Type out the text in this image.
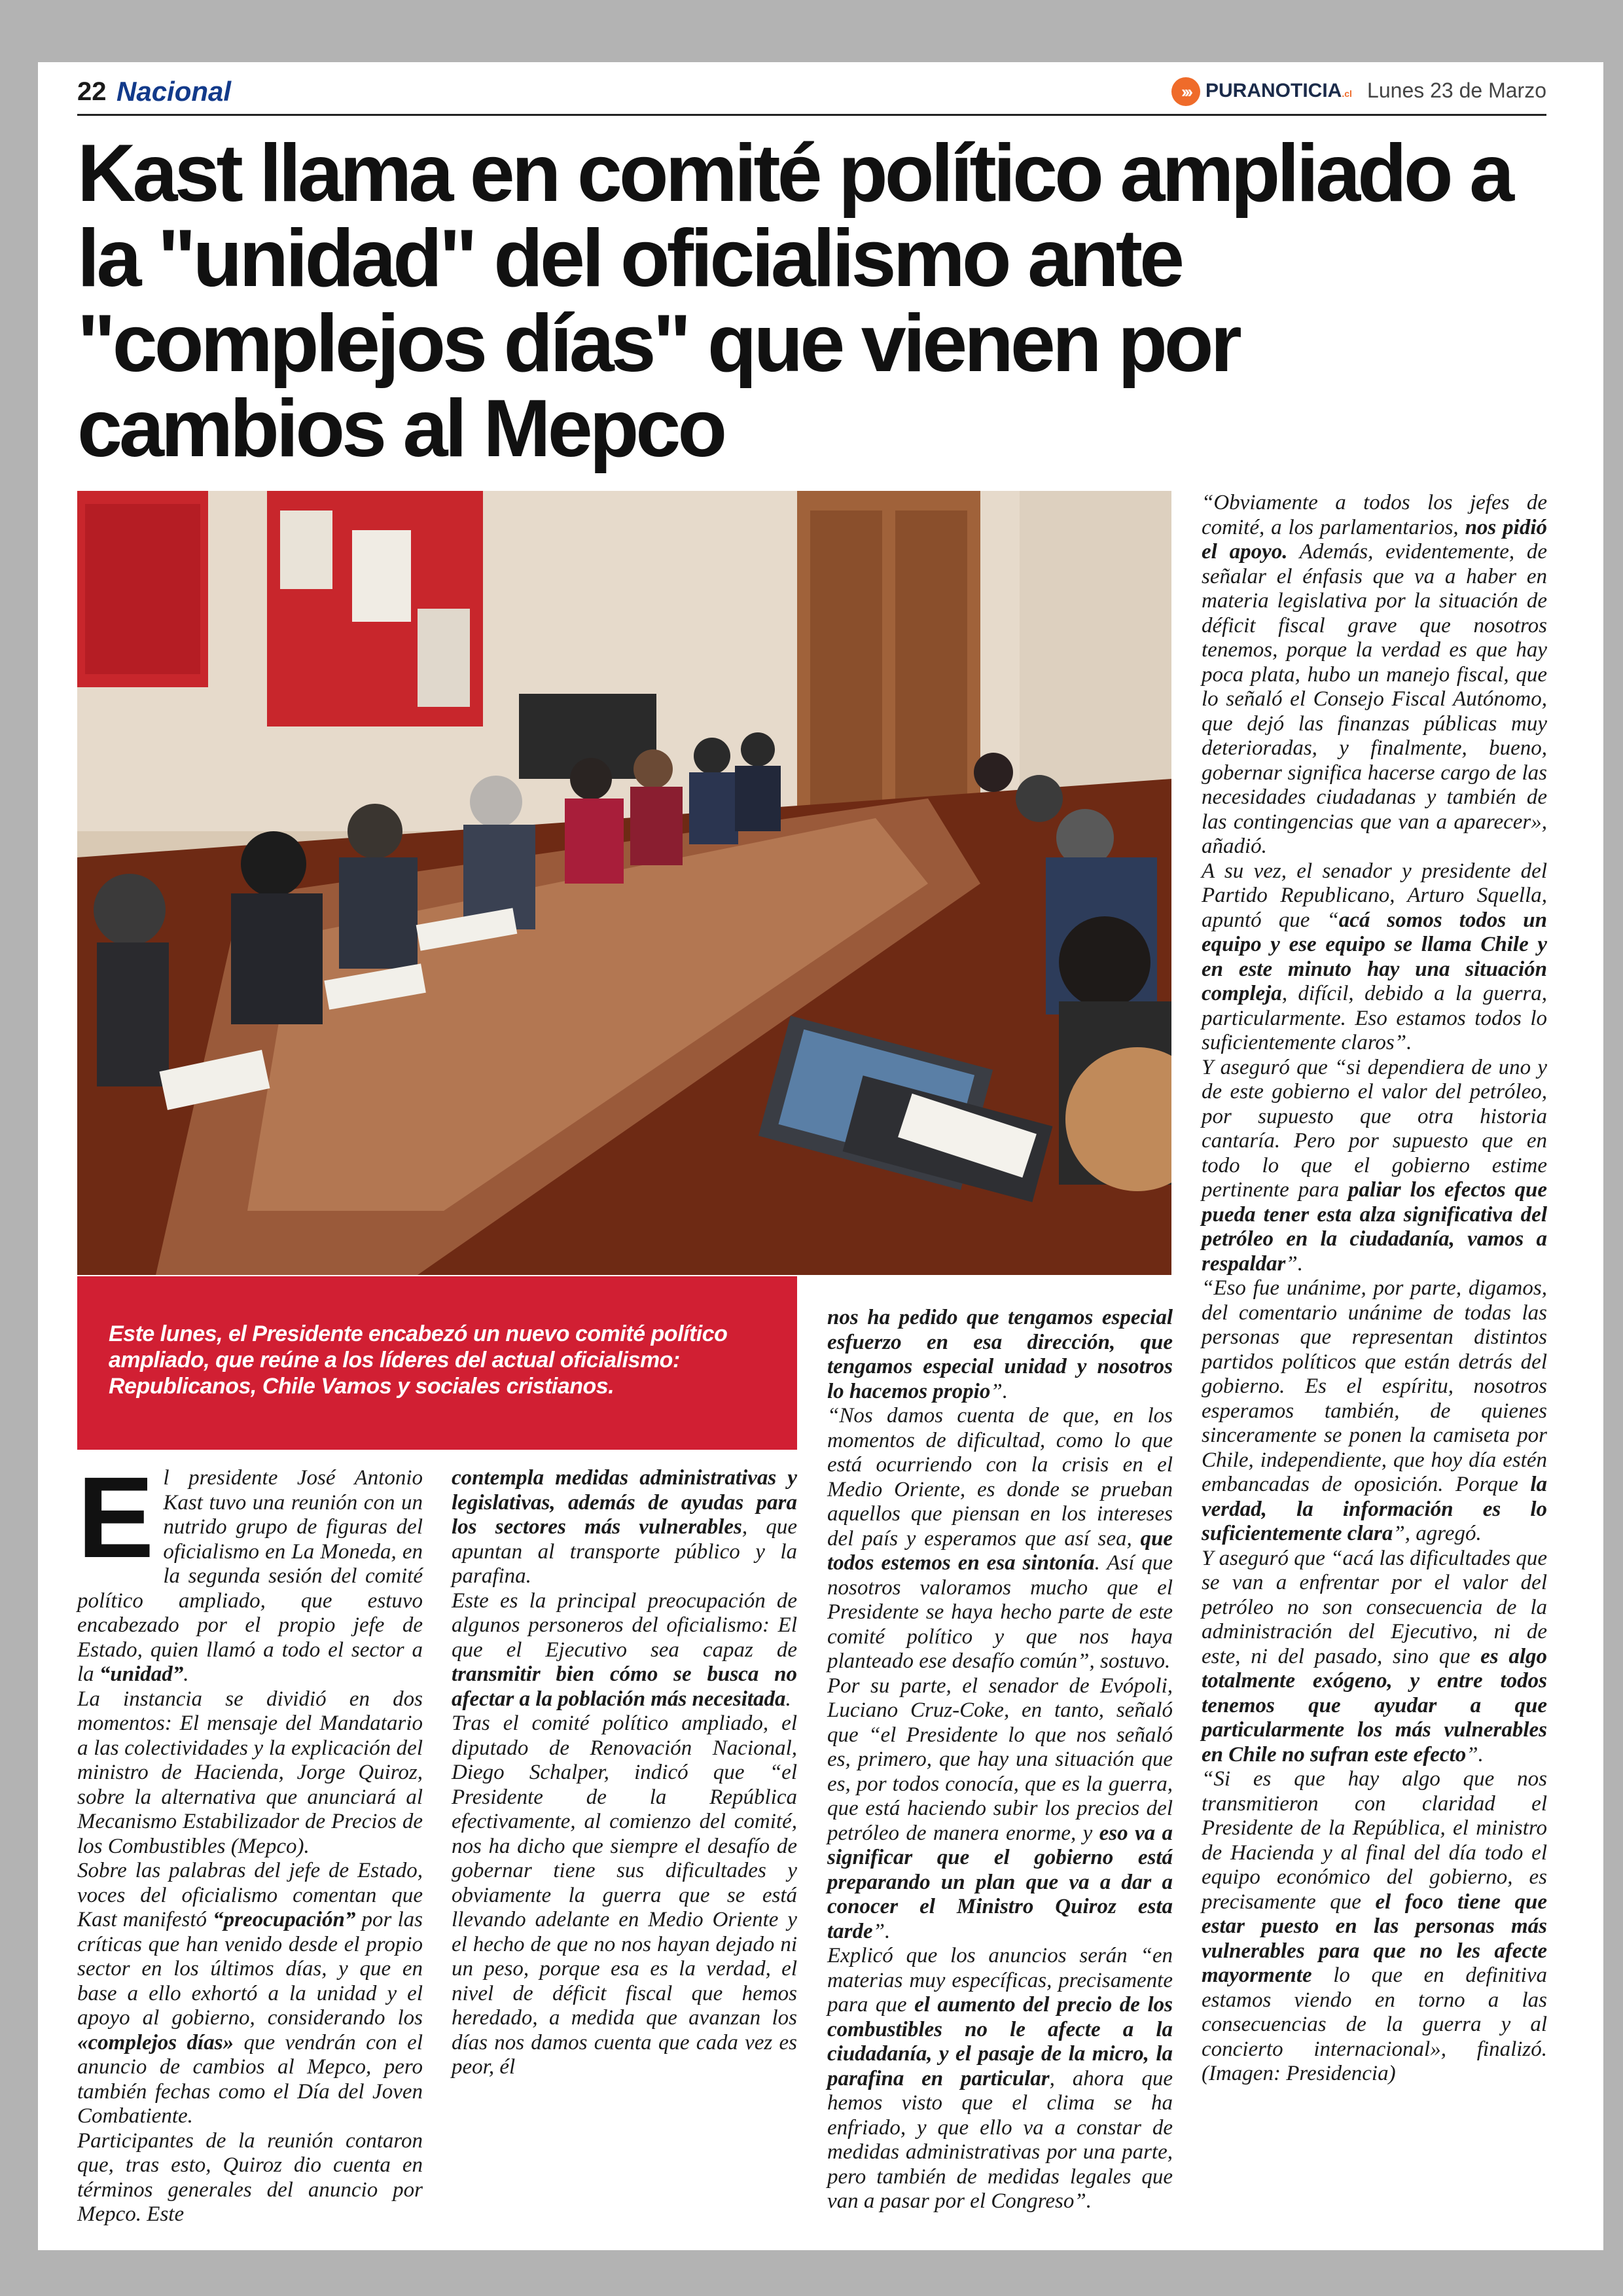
22 Nacional	››› PURANOTICIA.cl Lunes 23 de Marzo
Kast llama en comité político ampliado a la "unidad" del oficialismo ante "complejos días" que vienen por cambios al Mepco
Este lunes, el Presidente encabezó un nuevo comité político ampliado, que reúne a los líderes del actual oficialismo: Republicanos, Chile Vamos y sociales cristianos.

El presidente José Antonio Kast tuvo una reunión con un nutrido grupo de figuras del oficialismo en La Moneda, en la segunda sesión del comité político ampliado, que estuvo encabezado por el propio jefe de Estado, quien llamó a todo el sector a la “unidad”.

La instancia se dividió en dos momentos: El mensaje del Mandatario a las colectividades y la explicación del ministro de Hacienda, Jorge Quiroz, sobre la alternativa que anunciará al Mecanismo Estabilizador de Precios de los Combustibles (Mepco).

Sobre las palabras del jefe de Estado, voces del oficialismo comentan que Kast manifestó “preocupación” por las críticas que han venido desde el propio sector en los últimos días, y que en base a ello exhortó a la unidad y el apoyo al gobierno, considerando los «complejos días» que vendrán con el anuncio de cambios al Mepco, pero también fechas como el Día del Joven Combatiente.

Participantes de la reunión contaron que, tras esto, Quiroz dio cuenta en términos generales del anuncio por Mepco. Este

contempla medidas administrativas y legislativas, además de ayudas para los sectores más vulnerables, que apuntan al transporte público y la parafina.

Este es la principal preocupación de algunos personeros del oficialismo: El que el Ejecutivo sea capaz de transmitir bien cómo se busca no afectar a la población más necesitada.

Tras el comité político ampliado, el diputado de Renovación Nacional, Diego Schalper, indicó que “el Presidente de la República efectivamente, al comienzo del comité, nos ha dicho que siempre el desafío de gobernar tiene sus dificultades y obviamente la guerra que se está llevando adelante en Medio Oriente y el hecho de que no nos hayan dejado ni un peso, porque esa es la verdad, el nivel de déficit fiscal que hemos heredado, a medida que avanzan los días nos damos cuenta que cada vez es peor, él

nos ha pedido que tengamos especial esfuerzo en esa dirección, que tengamos especial unidad y nosotros lo hacemos propio”.

“Nos damos cuenta de que, en los momentos de dificultad, como lo que está ocurriendo con la crisis en el Medio Oriente, es donde se prueban aquellos que piensan en los intereses del país y esperamos que así sea, que todos estemos en esa sintonía. Así que nosotros valoramos mucho que el Presidente se haya hecho parte de este comité político y que nos haya planteado ese desafío común”, sostuvo.

Por su parte, el senador de Evópoli, Luciano Cruz-Coke, en tanto, señaló que “el Presidente lo que nos señaló es, primero, que hay una situación que es, por todos conocía, que es la guerra, que está haciendo subir los precios del petróleo de manera enorme, y eso va a significar que el gobierno está preparando un plan que va a dar a conocer el Ministro Quiroz esta tarde”.

Explicó que los anuncios serán “en materias muy específicas, precisamente para que el aumento del precio de los combustibles no le afecte a la ciudadanía, y el pasaje de la micro, la parafina en particular, ahora que hemos visto que el clima se ha enfriado, y que ello va a constar de medidas administrativas por una parte, pero también de medidas legales que van a pasar por el Congreso”.

“Obviamente a todos los jefes de comité, a los parlamentarios, nos pidió el apoyo. Además, evidentemente, de señalar el énfasis que va a haber en materia legislativa por la situación de déficit fiscal grave que nosotros tenemos, porque la verdad es que hay poca plata, hubo un manejo fiscal, que lo señaló el Consejo Fiscal Autónomo, que dejó las finanzas públicas muy deterioradas, y finalmente, bueno, gobernar significa hacerse cargo de las necesidades ciudadanas y también de las contingencias que van a aparecer», añadió.

A su vez, el senador y presidente del Partido Republicano, Arturo Squella, apuntó que “acá somos todos un equipo y ese equipo se llama Chile y en este minuto hay una situación compleja, difícil, debido a la guerra, particularmente. Eso estamos todos lo suficientemente claros”.

Y aseguró que “si dependiera de uno y de este gobierno el valor del petróleo, por supuesto que otra historia cantaría. Pero por supuesto que en todo lo que el gobierno estime pertinente para paliar los efectos que pueda tener esta alza significativa del petróleo en la ciudadanía, vamos a respaldar”.

“Eso fue unánime, por parte, digamos, del comentario unánime de todas las personas que representan distintos partidos políticos que están detrás del gobierno. Es el espíritu, nosotros esperamos también, de quienes sinceramente se ponen la camiseta por Chile, independiente, que hoy día estén embancadas de oposición. Porque la verdad, la información es lo suficientemente clara”, agregó.

Y aseguró que “acá las dificultades que se van a enfrentar por el valor del petróleo no son consecuencia de la administración del Ejecutivo, ni de este, ni del pasado, sino que es algo totalmente exógeno, y entre todos tenemos que ayudar a que particularmente los más vulnerables en Chile no sufran este efecto”.

“Si es que hay algo que nos transmitieron con claridad el Presidente de la República, el ministro de Hacienda y al final del día todo el equipo económico del gobierno, es precisamente que el foco tiene que estar puesto en las personas más vulnerables para que no les afecte mayormente lo que en definitiva estamos viendo en torno a las consecuencias de la guerra y al concierto internacional», finalizó. (Imagen: Presidencia)
